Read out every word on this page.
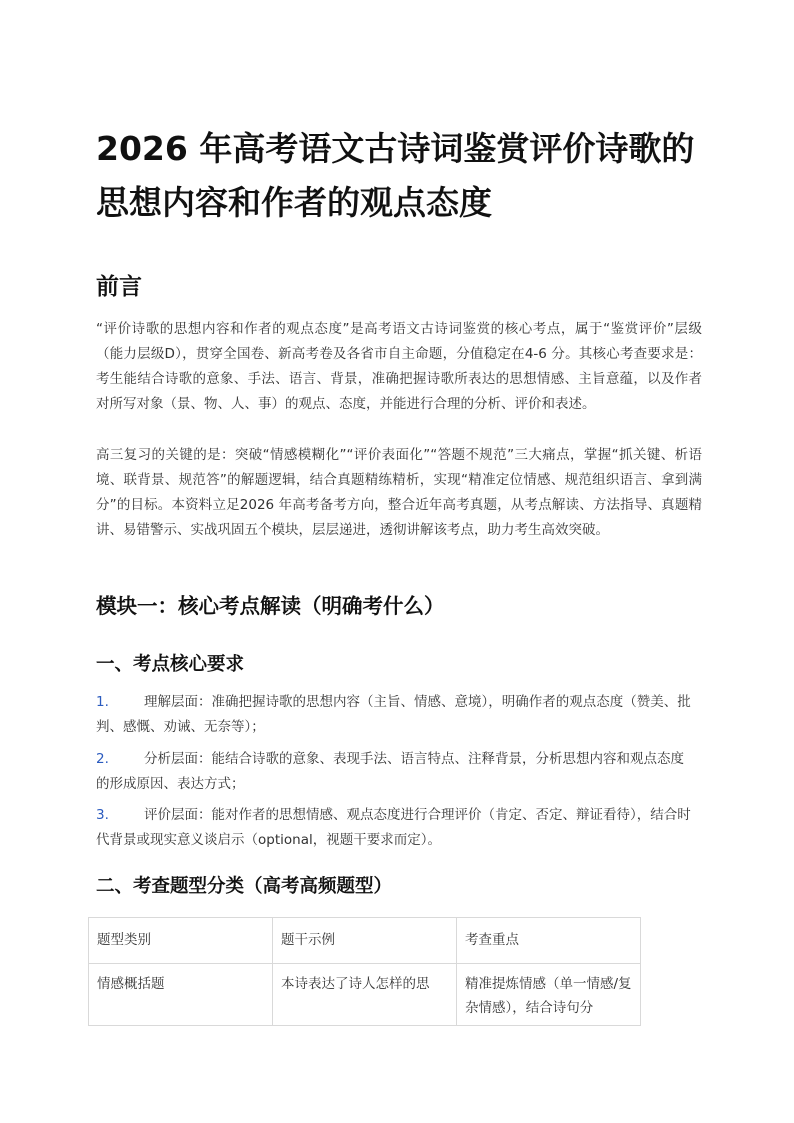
2026 年高考语文古诗词鉴赏评价诗歌的思想内容和作者的观点态度
前言

“评价诗歌的思想内容和作者的观点态度”是高考语文古诗词鉴赏的核心考点，属于“鉴赏评价”层级（能力层级D），贯穿全国卷、新高考卷及各省市自主命题，分值稳定在4-6 分。其核心考查要求是：考生能结合诗歌的意象、手法、语言、背景，准确把握诗歌所表达的思想情感、主旨意蕴，以及作者对所写对象（景、物、人、事）的观点、态度，并能进行合理的分析、评价和表述。

高三复习的关键的是：突破“情感模糊化”“评价表面化”“答题不规范”三大痛点，掌握“抓关键、析语境、联背景、规范答”的解题逻辑，结合真题精练精析，实现“精准定位情感、规范组织语言、拿到满分”的目标。本资料立足2026 年高考备考方向，整合近年高考真题，从考点解读、方法指导、真题精讲、易错警示、实战巩固五个模块，层层递进，透彻讲解该考点，助力考生高效突破。

模块一：核心考点解读（明确考什么）
一、考点核心要求

1.	理解层面：准确把握诗歌的思想内容（主旨、情感、意境），明确作者的观点态度（赞美、批判、感慨、劝诫、无奈等）；

2.	分析层面：能结合诗歌的意象、表现手法、语言特点、注释背景，分析思想内容和观点态度的形成原因、表达方式；

3.	评价层面：能对作者的思想情感、观点态度进行合理评价（肯定、否定、辩证看待），结合时代背景或现实意义谈启示（optional，视题干要求而定）。

二、考查题型分类（高考高频题型）
题型类别	题干示例	考查重点

情感概括题	本诗表达了诗人怎样的思	精准提炼情感（单一情感/复杂情感），结合诗句分
